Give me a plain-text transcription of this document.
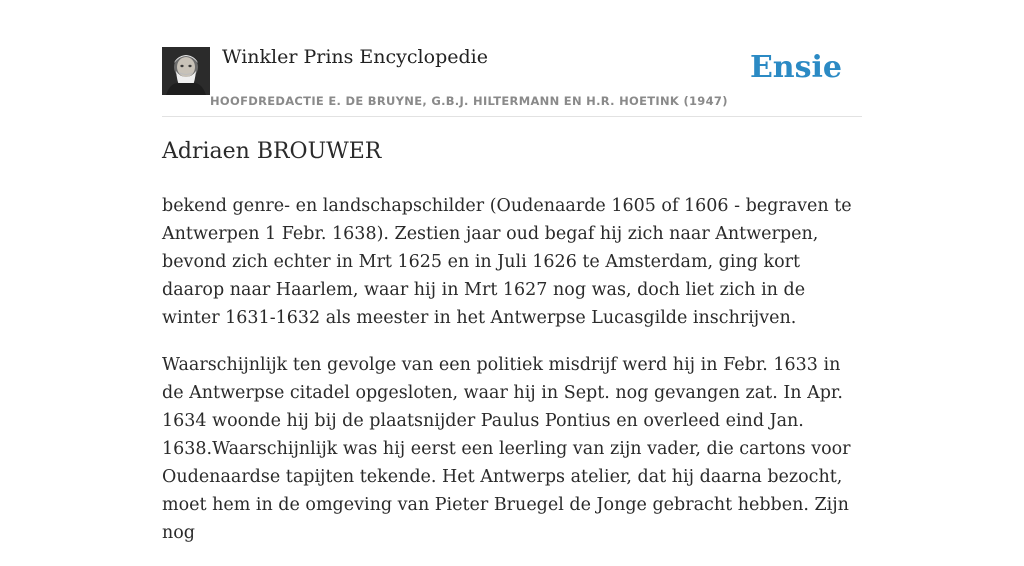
Winkler Prins Encyclopedie
HOOFDREDACTIE E. DE BRUYNE, G.B.J. HILTERMANN EN H.R. HOETINK (1947)
Ensie
Adriaen BROUWER

bekend genre- en landschapschilder (Oudenaarde 1605 of 1606 - begraven te Antwerpen 1 Febr. 1638). Zestien jaar oud begaf hij zich naar Antwerpen, bevond zich echter in Mrt 1625 en in Juli 1626 te Amsterdam, ging kort daarop naar Haarlem, waar hij in Mrt 1627 nog was, doch liet zich in de winter 1631-1632 als meester in het Antwerpse Lucasgilde inschrijven.

Waarschijnlijk ten gevolge van een politiek misdrijf werd hij in Febr. 1633 in de Antwerpse citadel opgesloten, waar hij in Sept. nog gevangen zat. In Apr. 1634 woonde hij bij de plaatsnijder Paulus Pontius en overleed eind Jan. 1638.Waarschijnlijk was hij eerst een leerling van zijn vader, die cartons voor Oudenaardse tapijten tekende. Het Antwerps atelier, dat hij daarna bezocht, moet hem in de omgeving van Pieter Bruegel de Jonge gebracht hebben. Zijn nog
